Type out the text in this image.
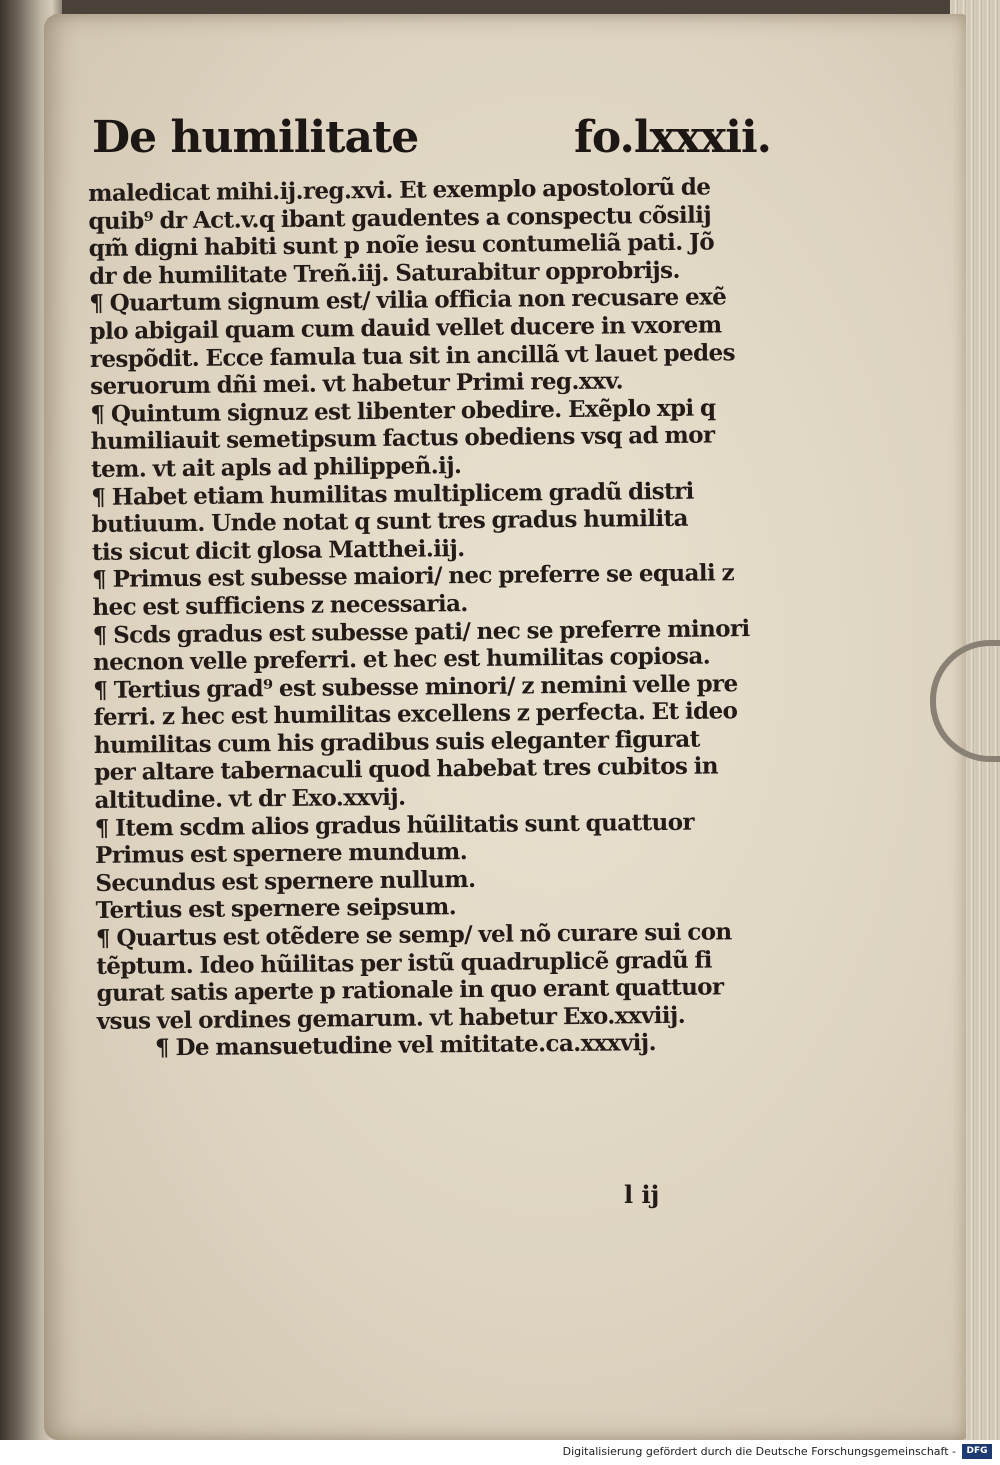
De humilitate	fo.lxxxii.
maledicat mihi.ij.reg.xvi. Et exemplo apostolorũ de
quib⁹ dr Act.v.q ibant gaudentes a conspectu cõsilij
qm̃ digni habiti sunt p noĩe iesu contumeliã pati. Jõ
dr de humilitate Treñ.iij. Saturabitur opprobrijs.
¶ Quartum signum est/ vilia officia non recusare exẽ
plo abigail quam cum dauid vellet ducere in vxorem
respõdit. Ecce famula tua sit in ancillã vt lauet pedes
seruorum dñi mei. vt habetur Primi reg.xxv.
¶ Quintum signuz est libenter obedire. Exẽplo xpi q
humiliauit semetipsum factus obediens vsq ad mor
tem. vt ait apls ad philippeñ.ij.
¶ Habet etiam humilitas multiplicem gradũ distri
butiuum. Unde notat q sunt tres gradus humilita
tis sicut dicit glosa Matthei.iij.
¶ Primus est subesse maiori/ nec preferre se equali z
hec est sufficiens z necessaria.
¶ Scds gradus est subesse pati/ nec se preferre minori
necnon velle preferri. et hec est humilitas copiosa.
¶ Tertius grad⁹ est subesse minori/ z nemini velle pre
ferri. z hec est humilitas excellens z perfecta. Et ideo
humilitas cum his gradibus suis eleganter figurat
per altare tabernaculi quod habebat tres cubitos in
altitudine. vt dr Exo.xxvij.
¶ Item scdm alios gradus hũilitatis sunt quattuor
Primus est spernere mundum.
Secundus est spernere nullum.
Tertius est spernere seipsum.
¶ Quartus est otẽdere se semp/ vel nõ curare sui con
tẽptum. Ideo hũilitas per istũ quadruplicẽ gradũ fi
gurat satis aperte p rationale in quo erant quattuor
vsus vel ordines gemarum. vt habetur Exo.xxviij.
¶ De mansuetudine vel mititate.ca.xxxvij.
l ij
Digitalisierung gefördert durch die Deutsche Forschungsgemeinschaft -	DFG
